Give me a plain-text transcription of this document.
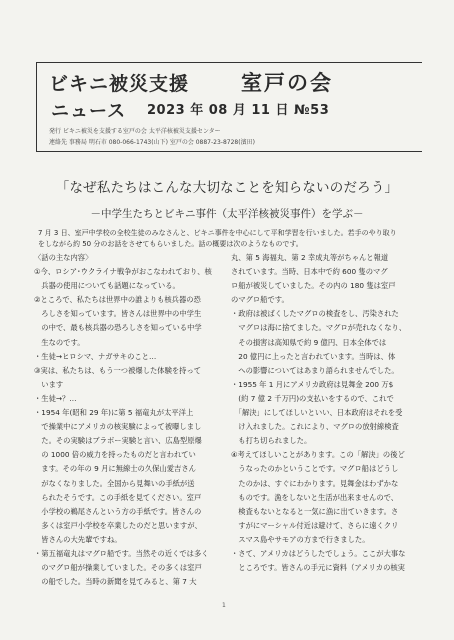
ビキニ被災支援 室戸の会
ニュース 2023 年 08 月 11 日 №53
発行 ビキニ被災を支援する室戸の会 太平洋核被災支援センター
連絡先 事務局 明石市 080-066-1743(山下) 室戸の会 0887-23-8728(濱田)
「なぜ私たちはこんな大切なことを知らないのだろう」
－中学生たちとビキニ事件（太平洋核被災事件）を学ぶ－
7 月 3 日、室戸中学校の全校生徒のみなさんと、ビキニ事件を中心にして平和学習を行いました。若手のやり取り
をしながら約 50 分のお話をさせてもらいました。話の概要は次のようなものです。
〈話の主な内容〉
①今、ロシア･ウクライナ戦争がおこなわれており、核
　兵器の使用についても話題になっている。
②ところで、私たちは世界中の誰よりも核兵器の恐
　ろしさを知っています。皆さんは世界中の中学生
　の中で、最も核兵器の恐ろしさを知っている中学
　生なのです。
・生徒→ヒロシマ、ナガサキのこと…
③実は、私たちは、もう一つ被爆した体験を持って
　います
・生徒→？…
・1954 年(昭和 29 年)に第 5 福竜丸が太平洋上
　で操業中にアメリカの核実験によって被曝しまし
　た。その実験はブラボー実験と言い、広島型原爆
　の 1000 倍の威力を持ったものだと言われてい
　ます。その年の 9 月に無線士の久保山愛吉さん
　がなくなりました。全国から見舞いの手紙が送
　られたそうです。この手紙を見てください。室戸
　小学校の鵜尾さんという方の手紙です。皆さんの
　多くは室戸小学校を卒業したのだと思いますが、
　皆さんの大先輩ですね。
・第五福竜丸はマグロ船です。当然その近くでは多く
　のマグロ船が操業していました。その多くは室戸
　の船でした。当時の新聞を見てみると、第 7 大
丸、第 5 海福丸、第 2 幸成丸等がちゃんと報道
されています。当時、日本中で約 600 隻のマグ
ロ船が被災していました。その内の 180 隻は室戸
のマグロ船です。
・政府は被ばくしたマグロの検査をし、汚染された
　マグロは海に捨てました。マグロが売れなくなり、
　その損害は高知県で約 9 億円、日本全体では
　20 億円に上ったと言われています。当時は、体
　への影響についてはあまり語られませんでした。
・1955 年 1 月にアメリカ政府は見舞金 200 万$
　(約 7 億 2 千万円)の支払いをするので、これで
　「解決」にしてほしいといい、日本政府はそれを受
　け入れました。これにより、マグロの放射線検査
　も打ち切られました。
④考えてほしいことがあります。この「解決」の後ど
　うなったのかということです。マグロ船はどうし
　たのかは、すぐにわかります。見舞金はわずかな
　ものです。漁をしないと生活が出来ませんので、
　検査もないとなると一気に漁に出ていきます。さ
　すがにマーシャル付近は避けて、さらに遠くクリ
　スマス島やサモアの方まで行きました。
・さて、アメリカはどうしたでしょう。ここが大事な
　ところです。皆さんの手元に資料（アメリカの核実
1
